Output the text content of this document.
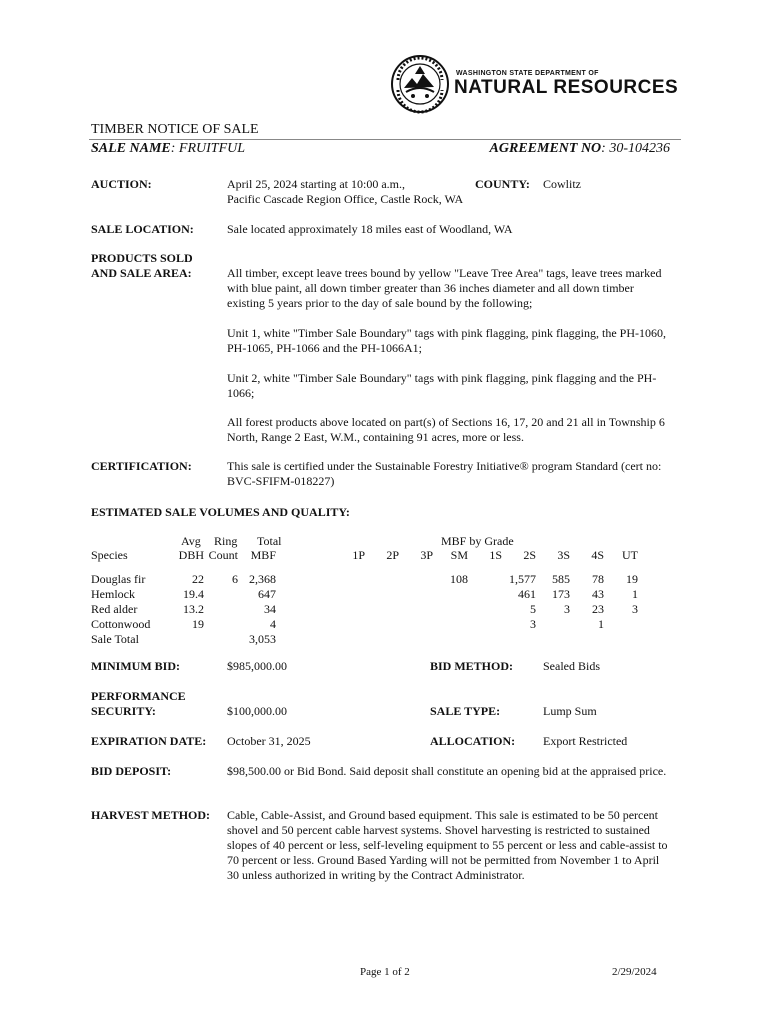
WASHINGTON STATE DEPARTMENT OF
NATURAL RESOURCES
TIMBER NOTICE OF SALE
SALE NAME: FRUITFUL	AGREEMENT NO: 30-104236
AUCTION:	April 25, 2024 starting at 10:00 a.m.,
Pacific Cascade Region Office, Castle Rock, WA
COUNTY: Cowlitz
SALE LOCATION:	Sale located approximately 18 miles east of Woodland, WA
PRODUCTS SOLD
AND SALE AREA:	All timber, except leave trees bound by yellow "Leave Tree Area" tags, leave trees marked with blue paint, all down timber greater than 36 inches diameter and all down timber existing 5 years prior to the day of sale bound by the following;
Unit 1, white "Timber Sale Boundary" tags with pink flagging, pink flagging, the PH-1060, PH-1065, PH-1066 and the PH-1066A1;
Unit 2, white "Timber Sale Boundary" tags with pink flagging, pink flagging and the PH-1066;
All forest products above located on part(s) of Sections 16, 17, 20 and 21 all in Township 6 North, Range 2 East, W.M., containing 91 acres, more or less.
CERTIFICATION:	This sale is certified under the Sustainable Forestry Initiative® program Standard (cert no: BVC-SFIFM-018227)
ESTIMATED SALE VOLUMES AND QUALITY:
MBF by Grade
Avg Ring Total
Species	DBH	Count	MBF	1P	2P	3P	SM	1S	2S	3S	4S	UT

Douglas fir	22	6	2,368				108		1,577	585	78	19
Hemlock	19.4		647						461	173	43	1
Red alder	13.2		34						5	3	23	3
Cottonwood	19		4						3		1	
Sale Total			3,053									
MINIMUM BID:	$985,000.00	BID METHOD: Sealed Bids
PERFORMANCE
SECURITY:	$100,000.00	SALE TYPE:	Lump Sum
EXPIRATION DATE: October 31, 2025	ALLOCATION: Export Restricted
BID DEPOSIT:	$98,500.00 or Bid Bond. Said deposit shall constitute an opening bid at the appraised price.
HARVEST METHOD: Cable, Cable-Assist, and Ground based equipment. This sale is estimated to be 50 percent shovel and 50 percent cable harvest systems. Shovel harvesting is restricted to sustained slopes of 40 percent or less, self-leveling equipment to 55 percent or less and cable-assist to 70 percent or less. Ground Based Yarding will not be permitted from November 1 to April 30 unless authorized in writing by the Contract Administrator.
Page 1 of 2	2/29/2024
